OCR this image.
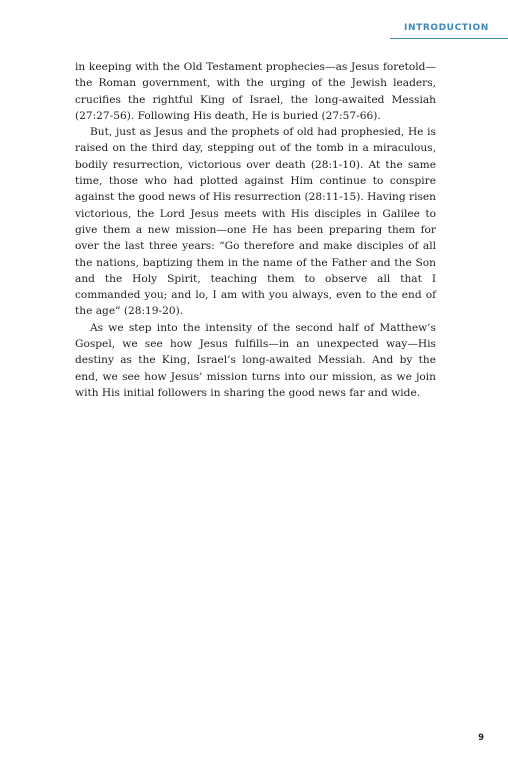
INTRODUCTION

in keeping with the Old Testament prophecies—as Jesus foretold—the Roman government, with the urging of the Jewish leaders, crucifies the rightful King of Israel, the long-awaited Messiah (27:27-56). Following His death, He is buried (27:57-66).

But, just as Jesus and the prophets of old had prophesied, He is raised on the third day, stepping out of the tomb in a miraculous, bodily resurrection, victorious over death (28:1-10). At the same time, those who had plotted against Him continue to conspire against the good news of His resurrection (28:11-15). Having risen victorious, the Lord Jesus meets with His disciples in Galilee to give them a new mission—one He has been preparing them for over the last three years: “Go therefore and make disciples of all the nations, baptizing them in the name of the Father and the Son and the Holy Spirit, teaching them to observe all that I commanded you; and lo, I am with you always, even to the end of the age” (28:19-20).

As we step into the intensity of the second half of Matthew’s Gospel, we see how Jesus fulfills—in an unexpected way—His destiny as the King, Israel’s long-awaited Messiah. And by the end, we see how Jesus’ mission turns into our mission, as we join with His initial followers in sharing the good news far and wide.

9
